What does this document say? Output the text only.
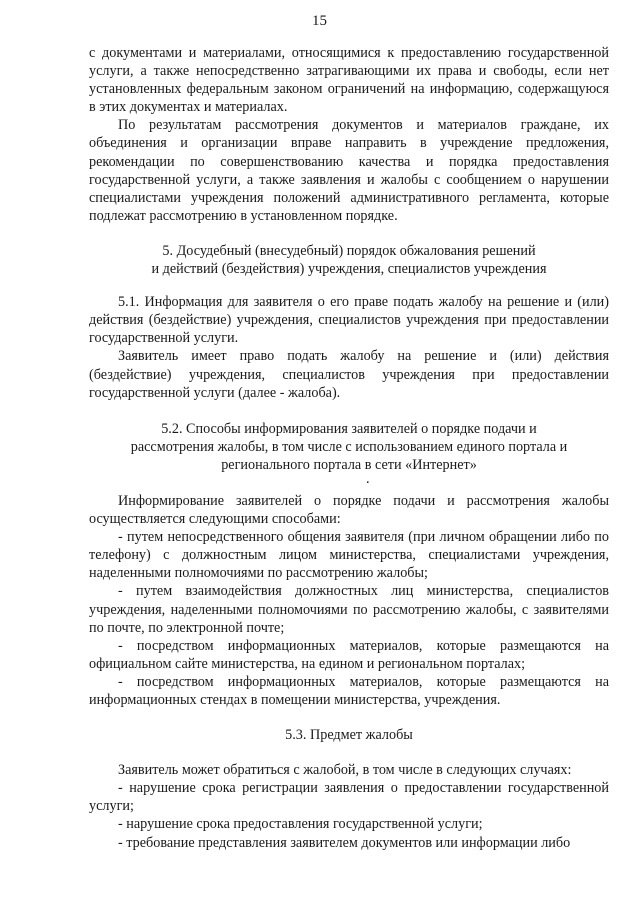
15

с документами и материалами, относящимися к предоставлению государственной услуги, а также непосредственно затрагивающими их права и свободы, если нет установленных федеральным законом ограничений на информацию, содержащуюся в этих документах и материалах.

По результатам рассмотрения документов и материалов граждане, их объединения и организации вправе направить в учреждение предложения, рекомендации по совершенствованию качества и порядка предоставления государственной услуги, а также заявления и жалобы с сообщением о нарушении специалистами учреждения положений административного регламента, которые подлежат рассмотрению в установленном порядке.

5. Досудебный (внесудебный) порядок обжалования решений

и действий (бездействия) учреждения, специалистов учреждения

5.1. Информация для заявителя о его праве подать жалобу на решение и (или) действия (бездействие) учреждения, специалистов учреждения при предоставлении государственной услуги.

Заявитель имеет право подать жалобу на решение и (или) действия (бездействие) учреждения, специалистов учреждения при предоставлении государственной услуги (далее - жалоба).

5.2. Способы информирования заявителей о порядке подачи и

рассмотрения жалобы, в том числе с использованием единого портала и

регионального портала в сети «Интернет»

.

Информирование заявителей о порядке подачи и рассмотрения жалобы осуществляется следующими способами:

- путем непосредственного общения заявителя (при личном обращении либо по телефону) с должностным лицом министерства, специалистами учреждения, наделенными полномочиями по рассмотрению жалобы;

- путем взаимодействия должностных лиц министерства, специалистов учреждения, наделенными полномочиями по рассмотрению жалобы, с заявителями по почте, по электронной почте;

- посредством информационных материалов, которые размещаются на официальном сайте министерства, на едином и региональном порталах;

- посредством информационных материалов, которые размещаются на информационных стендах в помещении министерства, учреждения.

5.3. Предмет жалобы

Заявитель может обратиться с жалобой, в том числе в следующих случаях:

- нарушение срока регистрации заявления о предоставлении государственной услуги;

- нарушение срока предоставления государственной услуги;

- требование представления заявителем документов или информации либо
